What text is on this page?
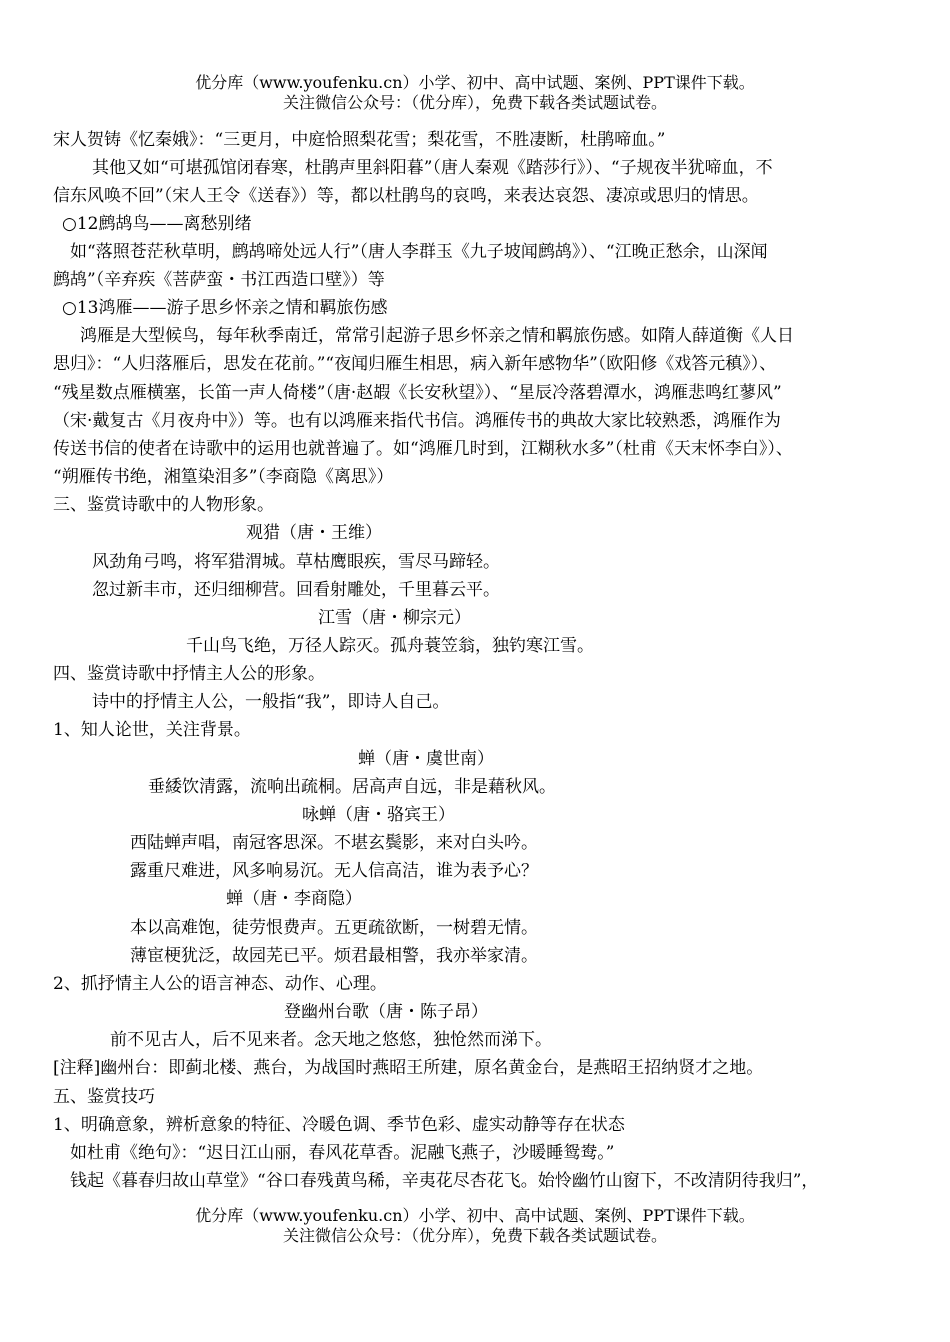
优分库（www.youfenku.cn）小学、初中、高中试题、案例、PPT课件下载。
关注微信公众号：（优分库），免费下载各类试题试卷。
宋人贺铸《忆秦娥》：“三更月，中庭恰照梨花雪；梨花雪，不胜凄断，杜鹃啼血。”
其他又如“可堪孤馆闭春寒，杜鹃声里斜阳暮”（唐人秦观《踏莎行》）、“子规夜半犹啼血，不
信东风唤不回”（宋人王令《送春》）等，都以杜鹃鸟的哀鸣，来表达哀怨、凄凉或思归的情思。
○12鹧鸪鸟——离愁别绪
如“落照苍茫秋草明，鹧鸪啼处远人行”（唐人李群玉《九子坡闻鹧鸪》）、“江晚正愁余，山深闻
鹧鸪”（辛弃疾《菩萨蛮・书江西造口壁》）等
○13鸿雁——游子思乡怀亲之情和羁旅伤感
鸿雁是大型候鸟，每年秋季南迁，常常引起游子思乡怀亲之情和羁旅伤感。如隋人薛道衡《人日
思归》：“人归落雁后，思发在花前。”“夜闻归雁生相思，病入新年感物华”（欧阳修《戏答元稹》）、
“残星数点雁横塞，长笛一声人倚楼”（唐·赵嘏《长安秋望》）、“星辰冷落碧潭水，鸿雁悲鸣红蓼风”
（宋·戴复古《月夜舟中》）等。也有以鸿雁来指代书信。鸿雁传书的典故大家比较熟悉，鸿雁作为
传送书信的使者在诗歌中的运用也就普遍了。如“鸿雁几时到，江糊秋水多”（杜甫《天末怀李白》）、
“朔雁传书绝，湘篁染泪多”（李商隐《离思》）
三、鉴赏诗歌中的人物形象。
观猎（唐・王维）
风劲角弓鸣，将军猎渭城。草枯鹰眼疾，雪尽马蹄轻。
忽过新丰市，还归细柳营。回看射雕处，千里暮云平。
江雪（唐・柳宗元）
千山鸟飞绝，万径人踪灭。孤舟蓑笠翁，独钓寒江雪。
四、鉴赏诗歌中抒情主人公的形象。
诗中的抒情主人公，一般指“我”，即诗人自己。
1、知人论世，关注背景。
蝉（唐・虞世南）
垂緌饮清露，流响出疏桐。居高声自远，非是藉秋风。
咏蝉（唐・骆宾王）
西陆蝉声唱，南冠客思深。不堪玄鬓影，来对白头吟。
露重尺难进，风多响易沉。无人信高洁，谁为表予心？
蝉（唐・李商隐）
本以高难饱，徒劳恨费声。五更疏欲断，一树碧无情。
薄宦梗犹泛，故园芜已平。烦君最相警，我亦举家清。
2、抓抒情主人公的语言神态、动作、心理。
登幽州台歌（唐・陈子昂）
前不见古人，后不见来者。念天地之悠悠，独怆然而涕下。
[注释]幽州台：即蓟北楼、燕台，为战国时燕昭王所建，原名黄金台，是燕昭王招纳贤才之地。
五、鉴赏技巧
1、明确意象，辨析意象的特征、冷暖色调、季节色彩、虚实动静等存在状态
如杜甫《绝句》：“迟日江山丽，春风花草香。泥融飞燕子，沙暖睡鸳鸯。”
钱起《暮春归故山草堂》“谷口春残黄鸟稀，辛夷花尽杏花飞。始怜幽竹山窗下，不改清阴待我归”，
优分库（www.youfenku.cn）小学、初中、高中试题、案例、PPT课件下载。
关注微信公众号：（优分库），免费下载各类试题试卷。
